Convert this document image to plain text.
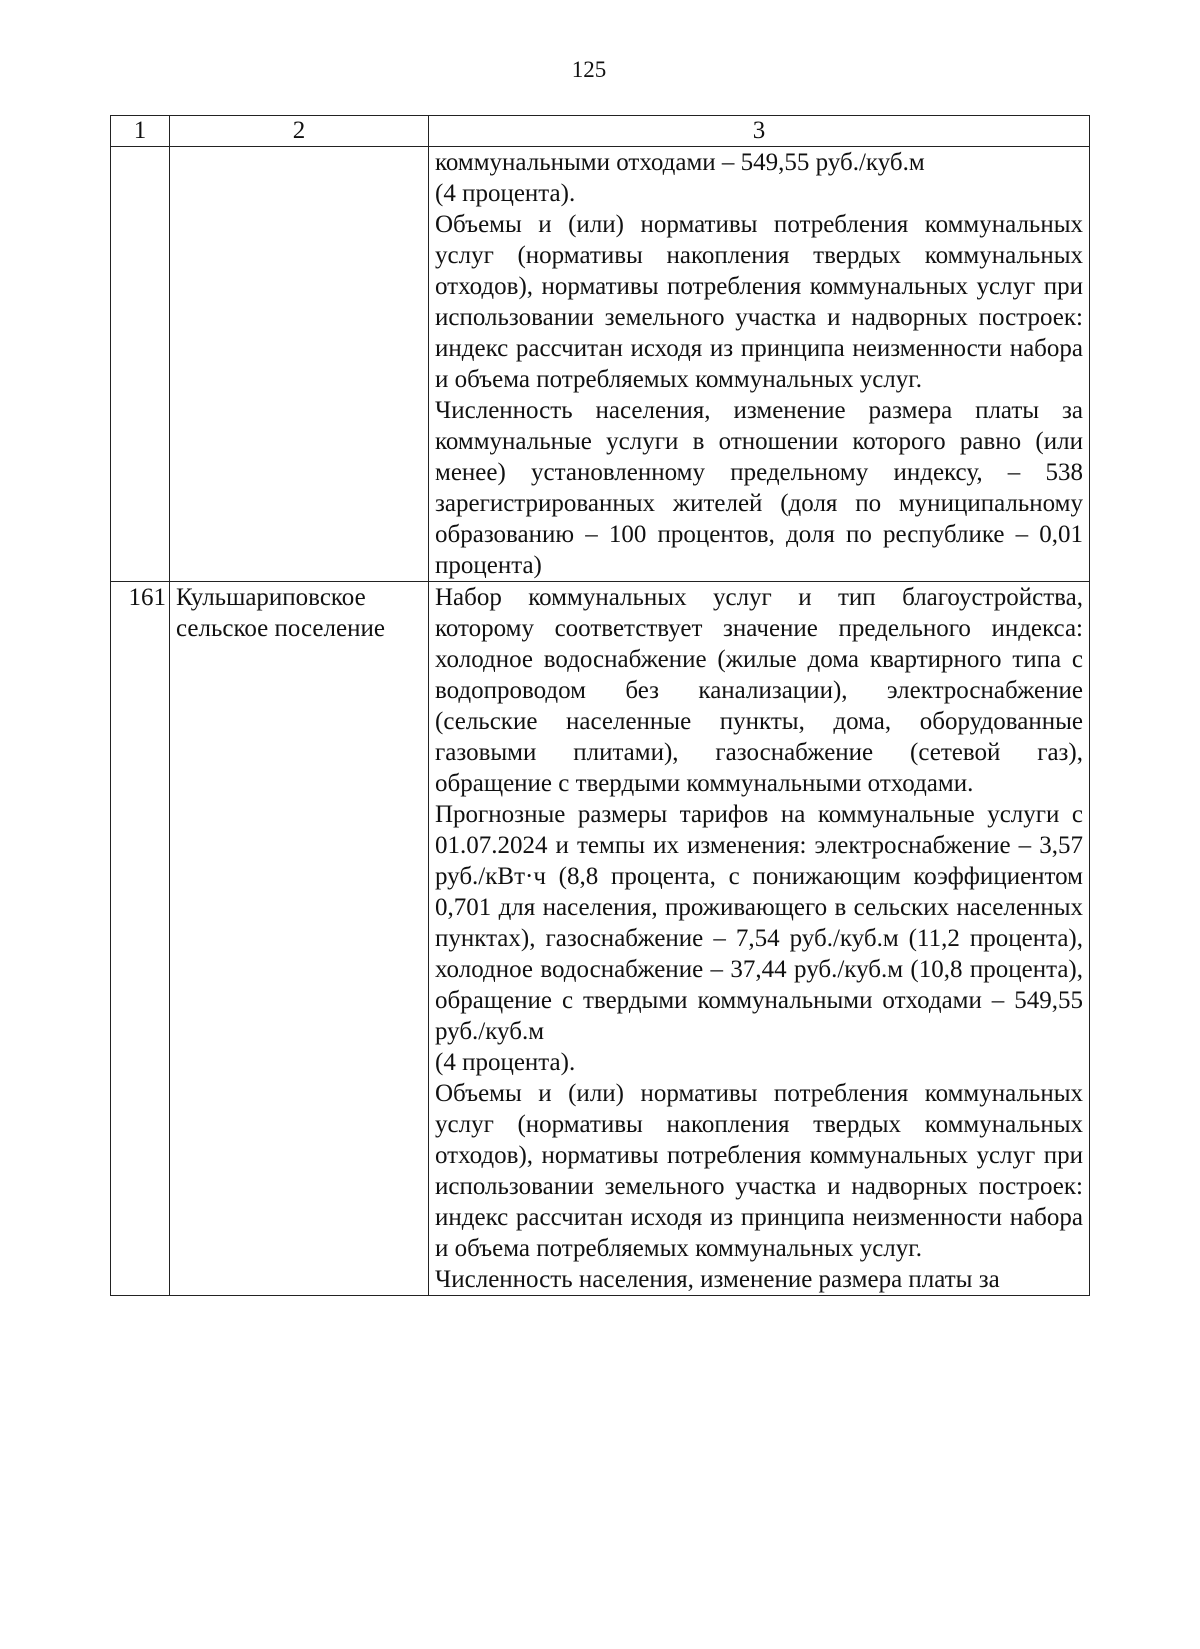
125
1	2	3

		коммунальными отходами – 549,55 руб./куб.м
(4 процента).

Объемы и (или) нормативы потребления коммунальных услуг (нормативы накопления твердых коммунальных отходов), нормативы потребления коммунальных услуг при использовании земельного участка и надворных построек: индекс рассчитан исходя из принципа неизменности набора и объема потребляемых коммунальных услуг.

Численность населения, изменение размера платы за коммунальные услуги в отношении которого равно (или менее) установленному предельному индексу, – 538 зарегистрированных жителей (доля по муниципальному образованию – 100 процентов, доля по республике – 0,01 процента)

161	Кульшариповское сельское поселение	Набор коммунальных услуг и тип благоустройства, которому соответствует значение предельного индекса: холодное водоснабжение (жилые дома квартирного типа с водопроводом без канализации), электроснабжение (сельские населенные пункты, дома, оборудованные газовыми плитами), газоснабжение (сетевой газ), обращение с твердыми коммунальными отходами.

Прогнозные размеры тарифов на коммунальные услуги с 01.07.2024 и темпы их изменения: электроснабжение – 3,57 руб./кВт·ч (8,8 процента, с понижающим коэффициентом 0,701 для населения, проживающего в сельских населенных пунктах), газоснабжение – 7,54 руб./куб.м (11,2 процента), холодное водоснабжение – 37,44 руб./куб.м (10,8 процента), обращение с твердыми коммунальными отходами – 549,55 руб./куб.м
(4 процента).

Объемы и (или) нормативы потребления коммунальных услуг (нормативы накопления твердых коммунальных отходов), нормативы потребления коммунальных услуг при использовании земельного участка и надворных построек: индекс рассчитан исходя из принципа неизменности набора и объема потребляемых коммунальных услуг.

Численность населения, изменение размера платы за
